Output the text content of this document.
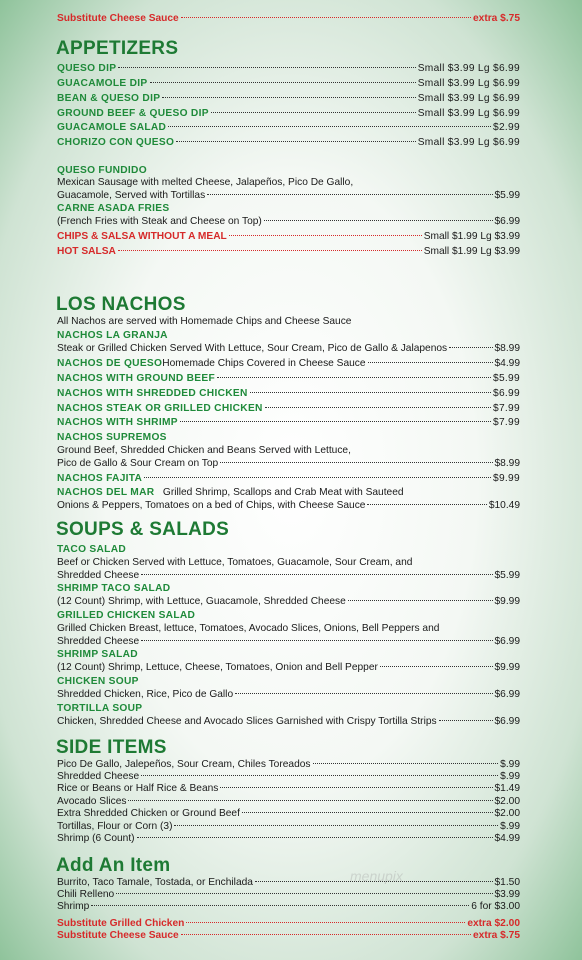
Substitute Cheese Sauce	extra $.75
APPETIZERS
QUESO DIP	Small $3.99 Lg $6.99
GUACAMOLE DIP	Small $3.99 Lg $6.99
BEAN & QUESO DIP	Small $3.99 Lg $6.99
GROUND BEEF & QUESO DIP	Small $3.99 Lg $6.99
GUACAMOLE SALAD	$2.99
CHORIZO CON QUESO	Small $3.99 Lg $6.99
QUESO FUNDIDO
Mexican Sausage with melted Cheese, Jalapeños, Pico De Gallo,
Guacamole, Served with Tortillas	$5.99
CARNE ASADA FRIES
(French Fries with Steak and Cheese on Top)	$6.99
CHIPS & SALSA WITHOUT A MEAL	Small $1.99 Lg $3.99
HOT SALSA	Small $1.99 Lg $3.99
LOS NACHOS
All Nachos are served with Homemade Chips and Cheese Sauce
NACHOS LA GRANJA
Steak or Grilled Chicken Served With Lettuce, Sour Cream, Pico de Gallo & Jalapenos	$8.99
NACHOS DE QUESO Homemade Chips Covered in Cheese Sauce	$4.99
NACHOS WITH GROUND BEEF	$5.99
NACHOS WITH SHREDDED CHICKEN	$6.99
NACHOS STEAK OR GRILLED CHICKEN	$7.99
NACHOS WITH SHRIMP	$7.99
NACHOS SUPREMOS
Ground Beef, Shredded Chicken and Beans Served with Lettuce,
Pico de Gallo & Sour Cream on Top	$8.99
NACHOS FAJITA	$9.99
NACHOS DEL MAR   Grilled Shrimp, Scallops and Crab Meat with Sauteed
Onions & Peppers, Tomatoes on a bed of Chips, with Cheese Sauce	$10.49
SOUPS & SALADS
TACO SALAD
Beef or Chicken Served with Lettuce, Tomatoes, Guacamole, Sour Cream, and
Shredded Cheese	$5.99
SHRIMP TACO SALAD
(12 Count) Shrimp, with Lettuce, Guacamole, Shredded Cheese	$9.99
GRILLED CHICKEN SALAD
Grilled Chicken Breast, lettuce, Tomatoes, Avocado Slices, Onions, Bell Peppers and
Shredded Cheese	$6.99
SHRIMP SALAD
(12 Count) Shrimp, Lettuce, Cheese, Tomatoes, Onion and Bell Pepper	$9.99
CHICKEN SOUP
Shredded Chicken, Rice, Pico de Gallo	$6.99
TORTILLA SOUP
Chicken, Shredded Cheese and Avocado Slices Garnished with Crispy Tortilla Strips	$6.99
SIDE ITEMS
Pico De Gallo, Jalepeños, Sour Cream, Chiles Toreados	$.99
Shredded Cheese	$.99
Rice or Beans or Half Rice & Beans	$1.49
Avocado Slices	$2.00
Extra Shredded Chicken or Ground Beef	$2.00
Tortillas, Flour or Corn (3)	$.99
Shrimp (6 Count)	$4.99
Add An Item	menupix
Burrito, Taco Tamale, Tostada, or Enchilada	$1.50
Chili Relleno	$3.99
Shrimp	6 for $3.00
Substitute Grilled Chicken	extra $2.00
Substitute Cheese Sauce	extra $.75
